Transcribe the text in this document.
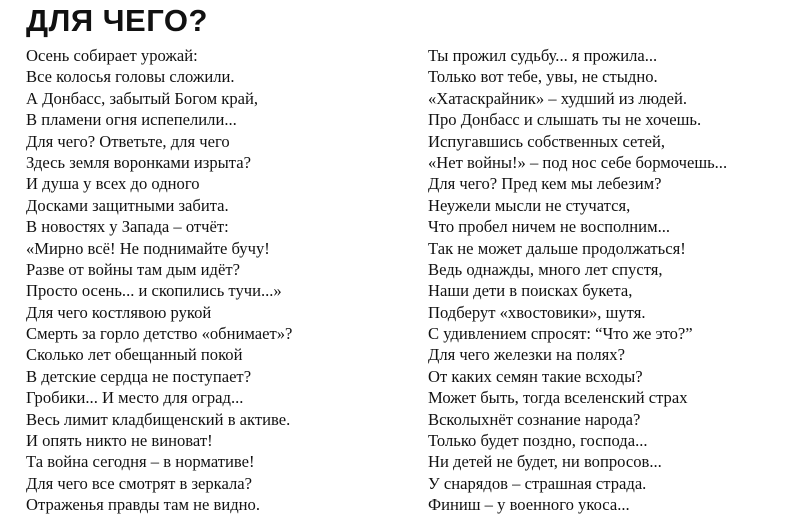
ДЛЯ ЧЕГО?
Осень собирает урожай:
Все колосья головы сложили.
А Донбасс, забытый Богом край,
В пламени огня испепелили...
Для чего? Ответьте, для чего
Здесь земля воронками изрыта?
И душа у всех до одного
Досками защитными забита.
В новостях у Запада – отчёт:
«Мирно всё! Не поднимайте бучу!
Разве от войны там дым идёт?
Просто осень... и скопились тучи...»
Для чего костлявою рукой
Смерть за горло детство «обнимает»?
Сколько лет обещанный покой
В детские сердца не поступает?
Гробики... И место для оград...
Весь лимит кладбищенский в активе.
И опять никто не виноват!
Та война сегодня – в нормативе!
Для чего все смотрят в зеркала?
Отраженья правды там не видно.
Ты прожил судьбу... я прожила...
Только вот тебе, увы, не стыдно.
«Хатаскрайник» – худший из людей.
Про Донбасс и слышать ты не хочешь.
Испугавшись собственных сетей,
«Нет войны!» – под нос себе бормочешь...
Для чего? Пред кем мы лебезим?
Неужели мысли не стучатся,
Что пробел ничем не восполним...
Так не может дальше продолжаться!
Ведь однажды, много лет спустя,
Наши дети в поисках букета,
Подберут «хвостовики», шутя.
С удивлением спросят: “Что же это?”
Для чего железки на полях?
От каких семян такие всходы?
Может быть, тогда вселенский страх
Всколыхнёт сознание народа?
Только будет поздно, господа...
Ни детей не будет, ни вопросов...
У снарядов – страшная страда.
Финиш – у военного укоса...
